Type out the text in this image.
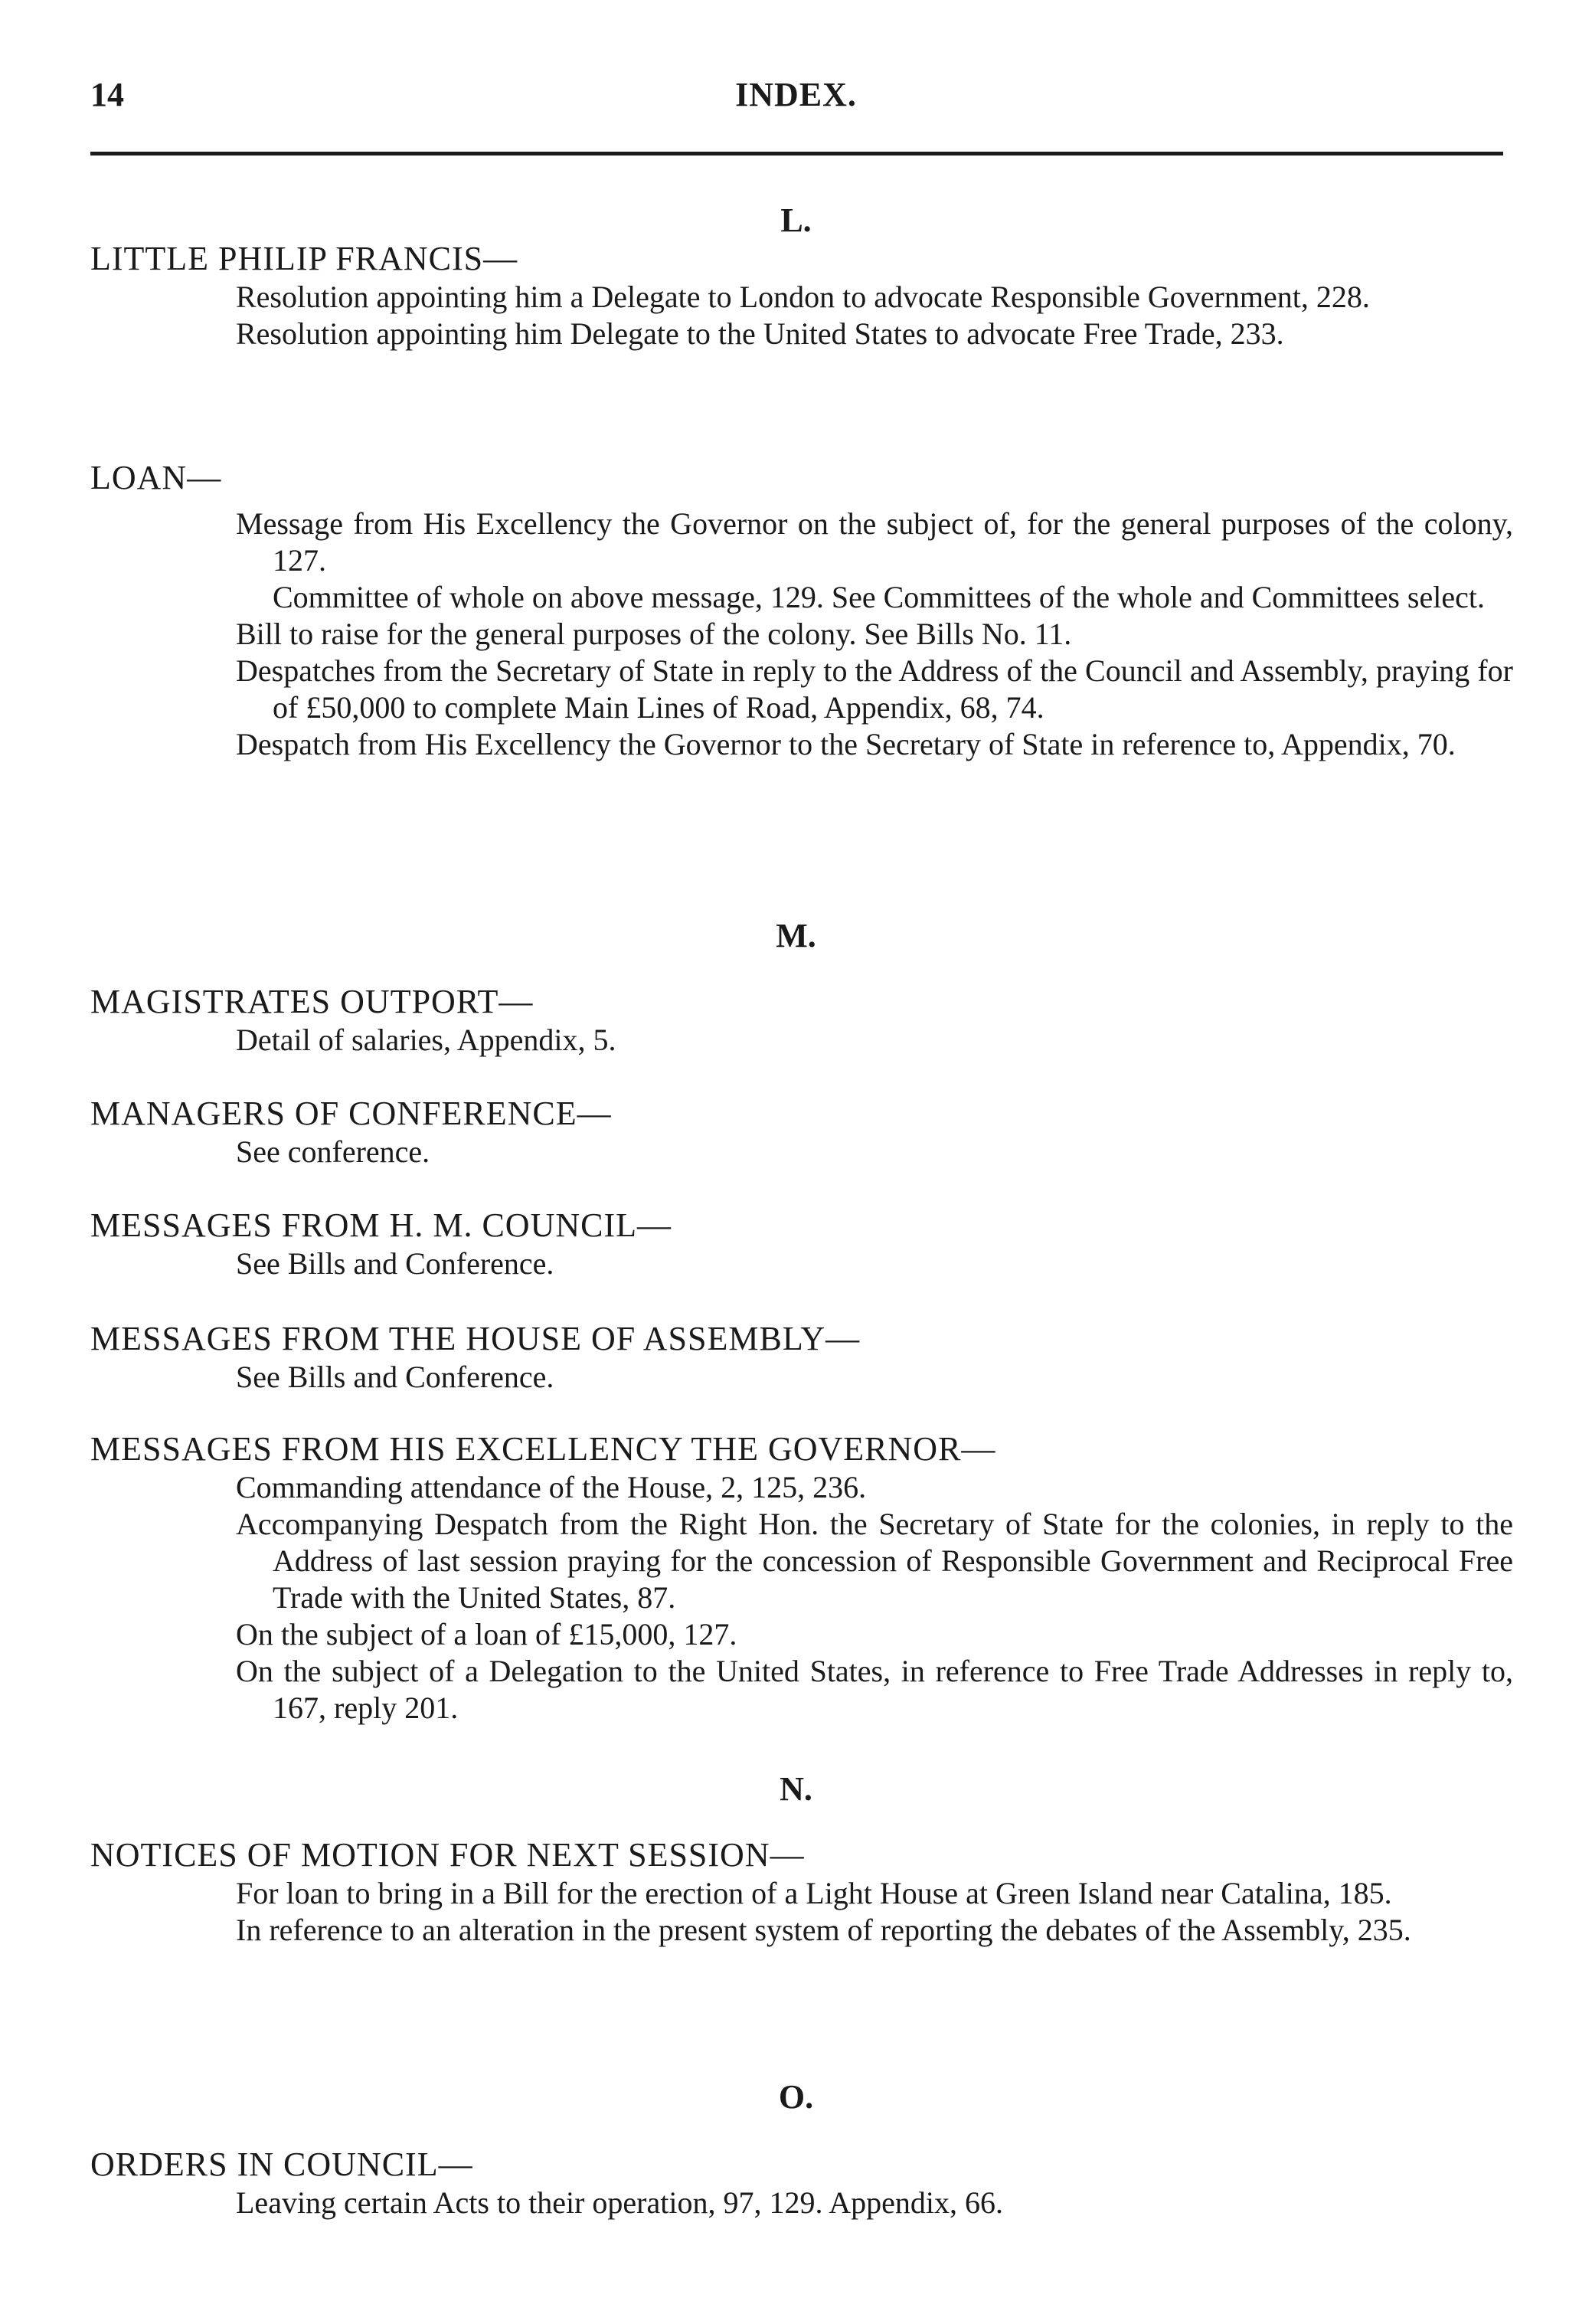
14	INDEX.
L.
LITTLE PHILIP FRANCIS—
Resolution appointing him a Delegate to London to advocate Responsible Government, 228.
Resolution appointing him Delegate to the United States to advocate Free Trade, 233.
LOAN—
Message from His Excellency the Governor on the subject of, for the general purposes of the colony, 127.
Committee of whole on above message, 129. See Committees of the whole and Committees select.
Bill to raise for the general purposes of the colony. See Bills No. 11.
Despatches from the Secretary of State in reply to the Address of the Council and Assembly, praying for of £50,000 to complete Main Lines of Road, Appendix, 68, 74.
Despatch from His Excellency the Governor to the Secretary of State in reference to, Appendix, 70.
M.
MAGISTRATES OUTPORT—
Detail of salaries, Appendix, 5.
MANAGERS OF CONFERENCE—
See conference.
MESSAGES FROM H. M. COUNCIL—
See Bills and Conference.
MESSAGES FROM THE HOUSE OF ASSEMBLY—
See Bills and Conference.
MESSAGES FROM HIS EXCELLENCY THE GOVERNOR—
Commanding attendance of the House, 2, 125, 236.
Accompanying Despatch from the Right Hon. the Secretary of State for the colonies, in reply to the Address of last session praying for the concession of Responsible Government and Reciprocal Free Trade with the United States, 87.
On the subject of a loan of £15,000, 127.
On the subject of a Delegation to the United States, in reference to Free Trade Addresses in reply to, 167, reply 201.
N.
NOTICES OF MOTION FOR NEXT SESSION—
For loan to bring in a Bill for the erection of a Light House at Green Island near Catalina, 185.
In reference to an alteration in the present system of reporting the debates of the Assembly, 235.
O.
ORDERS IN COUNCIL—
Leaving certain Acts to their operation, 97, 129. Appendix, 66.
